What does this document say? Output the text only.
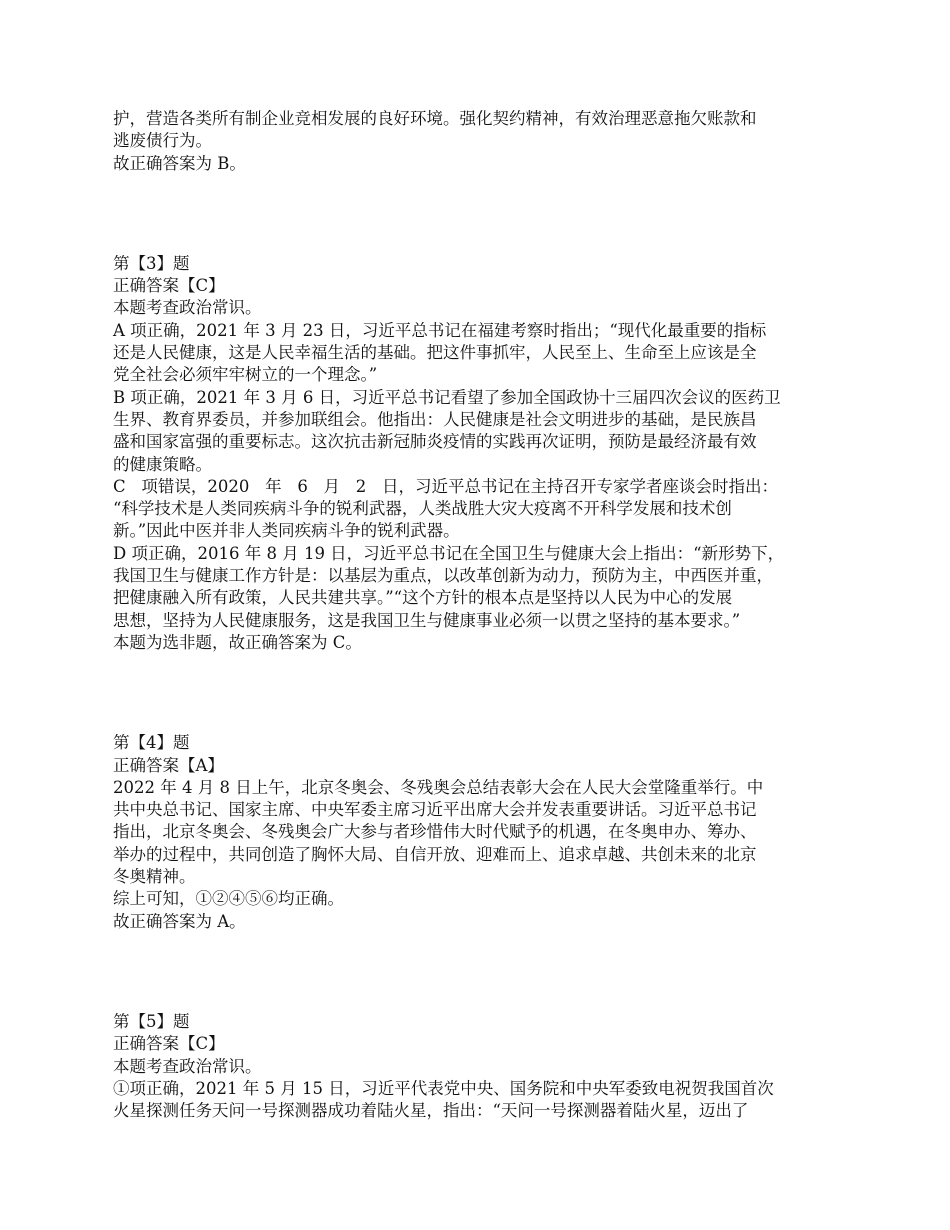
护，营造各类所有制企业竞相发展的良好环境。强化契约精神，有效治理恶意拖欠账款和
逃废债行为。
故正确答案为 B。
第【3】题
正确答案【C】
本题考查政治常识。
A 项正确，2021 年 3 月 23 日，习近平总书记在福建考察时指出；“现代化最重要的指标
还是人民健康，这是人民幸福生活的基础。把这件事抓牢，人民至上、生命至上应该是全
党全社会必须牢牢树立的一个理念。”
B 项正确，2021 年 3 月 6 日，习近平总书记看望了参加全国政协十三届四次会议的医药卫
生界、教育界委员，并参加联组会。他指出：人民健康是社会文明进步的基础，是民族昌
盛和国家富强的重要标志。这次抗击新冠肺炎疫情的实践再次证明，预防是最经济最有效
的健康策略。
C   项错误，2020   年   6   月   2   日，习近平总书记在主持召开专家学者座谈会时指出：
“科学技术是人类同疾病斗争的锐利武器，人类战胜大灾大疫离不开科学发展和技术创
新。”因此中医并非人类同疾病斗争的锐利武器。
D 项正确，2016 年 8 月 19 日，习近平总书记在全国卫生与健康大会上指出：“新形势下，
我国卫生与健康工作方针是：以基层为重点，以改革创新为动力，预防为主，中西医并重，
把健康融入所有政策，人民共建共享。”“这个方针的根本点是坚持以人民为中心的发展
思想，坚持为人民健康服务，这是我国卫生与健康事业必须一以贯之坚持的基本要求。”
本题为选非题，故正确答案为 C。
第【4】题
正确答案【A】
2022 年 4 月 8 日上午，北京冬奥会、冬残奥会总结表彰大会在人民大会堂隆重举行。中
共中央总书记、国家主席、中央军委主席习近平出席大会并发表重要讲话。习近平总书记
指出，北京冬奥会、冬残奥会广大参与者珍惜伟大时代赋予的机遇，在冬奥申办、筹办、
举办的过程中，共同创造了胸怀大局、自信开放、迎难而上、追求卓越、共创未来的北京
冬奥精神。
综上可知，①②④⑤⑥均正确。
故正确答案为 A。
第【5】题
正确答案【C】
本题考查政治常识。
①项正确，2021 年 5 月 15 日，习近平代表党中央、国务院和中央军委致电祝贺我国首次
火星探测任务天问一号探测器成功着陆火星，指出：“天问一号探测器着陆火星，迈出了
